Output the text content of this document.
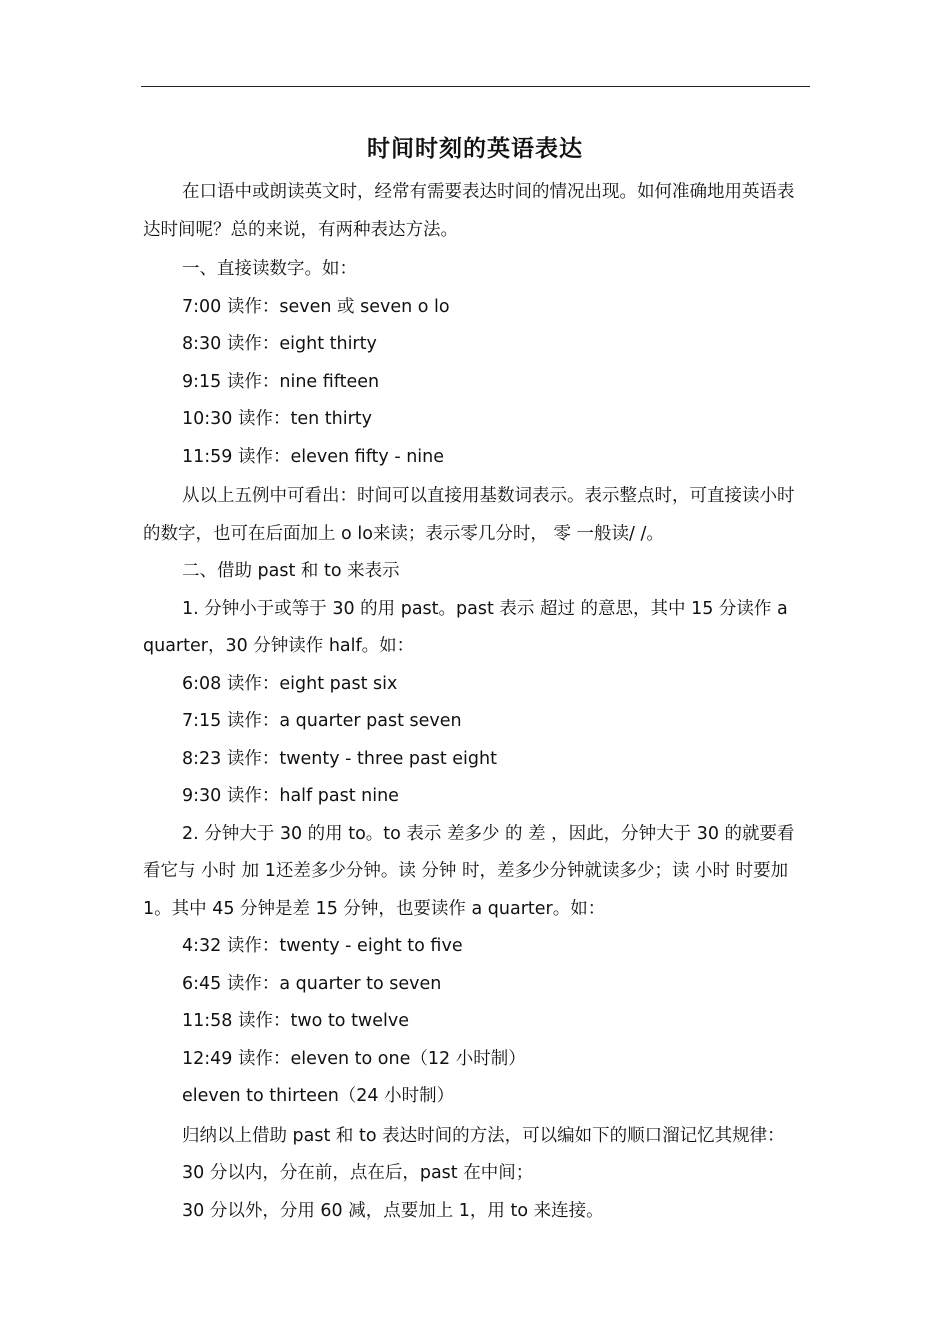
时间时刻的英语表达

在口语中或朗读英文时，经常有需要表达时间的情况出现。如何准确地用英语表达时间呢？总的来说，有两种表达方法。

一、直接读数字。如：

7:00 读作：seven 或 seven o lo

8:30 读作：eight thirty

9:15 读作：nine fifteen

10:30 读作：ten thirty

11:59 读作：eleven fifty - nine

从以上五例中可看出：时间可以直接用基数词表示。表示整点时，可直接读小时的数字，也可在后面加上 o lo来读；表示零几分时， 零 一般读/ /。

二、借助 past 和 to 来表示

1. 分钟小于或等于 30 的用 past。past 表示 超过 的意思，其中 15 分读作 a quarter，30 分钟读作 half。如：

6:08 读作：eight past six

7:15 读作：a quarter past seven

8:23 读作：twenty - three past eight

9:30 读作：half past nine

2. 分钟大于 30 的用 to。to 表示 差多少 的 差 ，因此，分钟大于 30 的就要看看它与 小时 加 1还差多少分钟。读 分钟 时，差多少分钟就读多少；读 小时 时要加 1。其中 45 分钟是差 15 分钟，也要读作 a quarter。如：

4:32 读作：twenty - eight to five

6:45 读作：a quarter to seven

11:58 读作：two to twelve

12:49 读作：eleven to one（12 小时制）

eleven to thirteen（24 小时制）

归纳以上借助 past 和 to 表达时间的方法，可以编如下的顺口溜记忆其规律：

30 分以内，分在前，点在后，past 在中间；

30 分以外，分用 60 减，点要加上 1，用 to 来连接。
